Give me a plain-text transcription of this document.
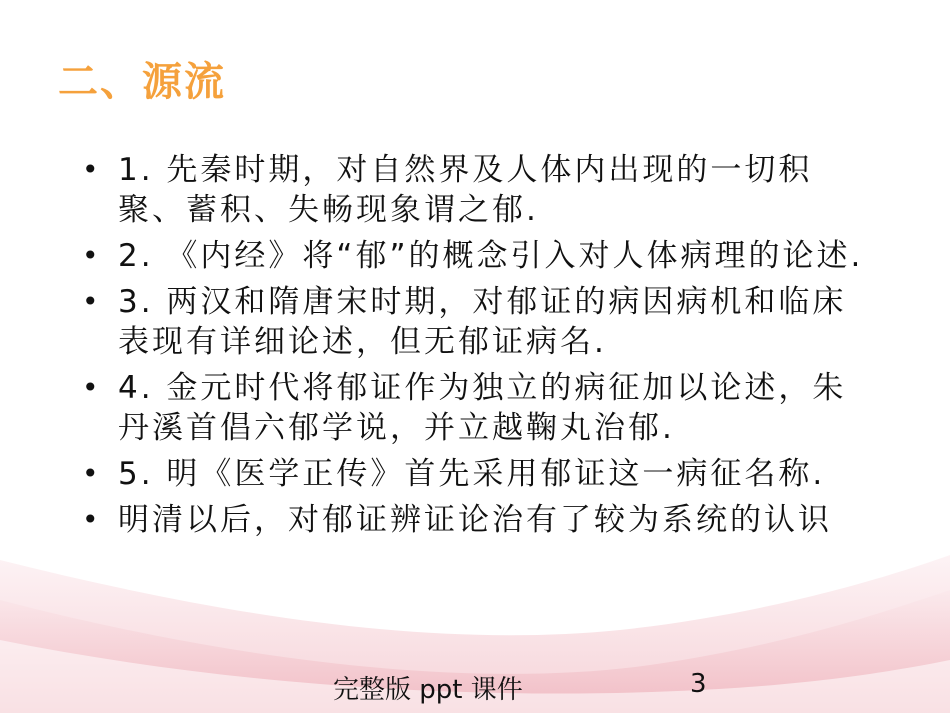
二、源流
• 1. 先秦时期，对自然界及人体内出现的一切积聚、蓄积、失畅现象谓之郁.
• 2. 《内经》将“郁”的概念引入对人体病理的论述.
• 3. 两汉和隋唐宋时期，对郁证的病因病机和临床表现有详细论述，但无郁证病名.
• 4. 金元时代将郁证作为独立的病征加以论述，朱丹溪首倡六郁学说，并立越鞠丸治郁.
• 5. 明《医学正传》首先采用郁证这一病征名称.
• 明清以后，对郁证辨证论治有了较为系统的认识
完整版 ppt 课件	3
